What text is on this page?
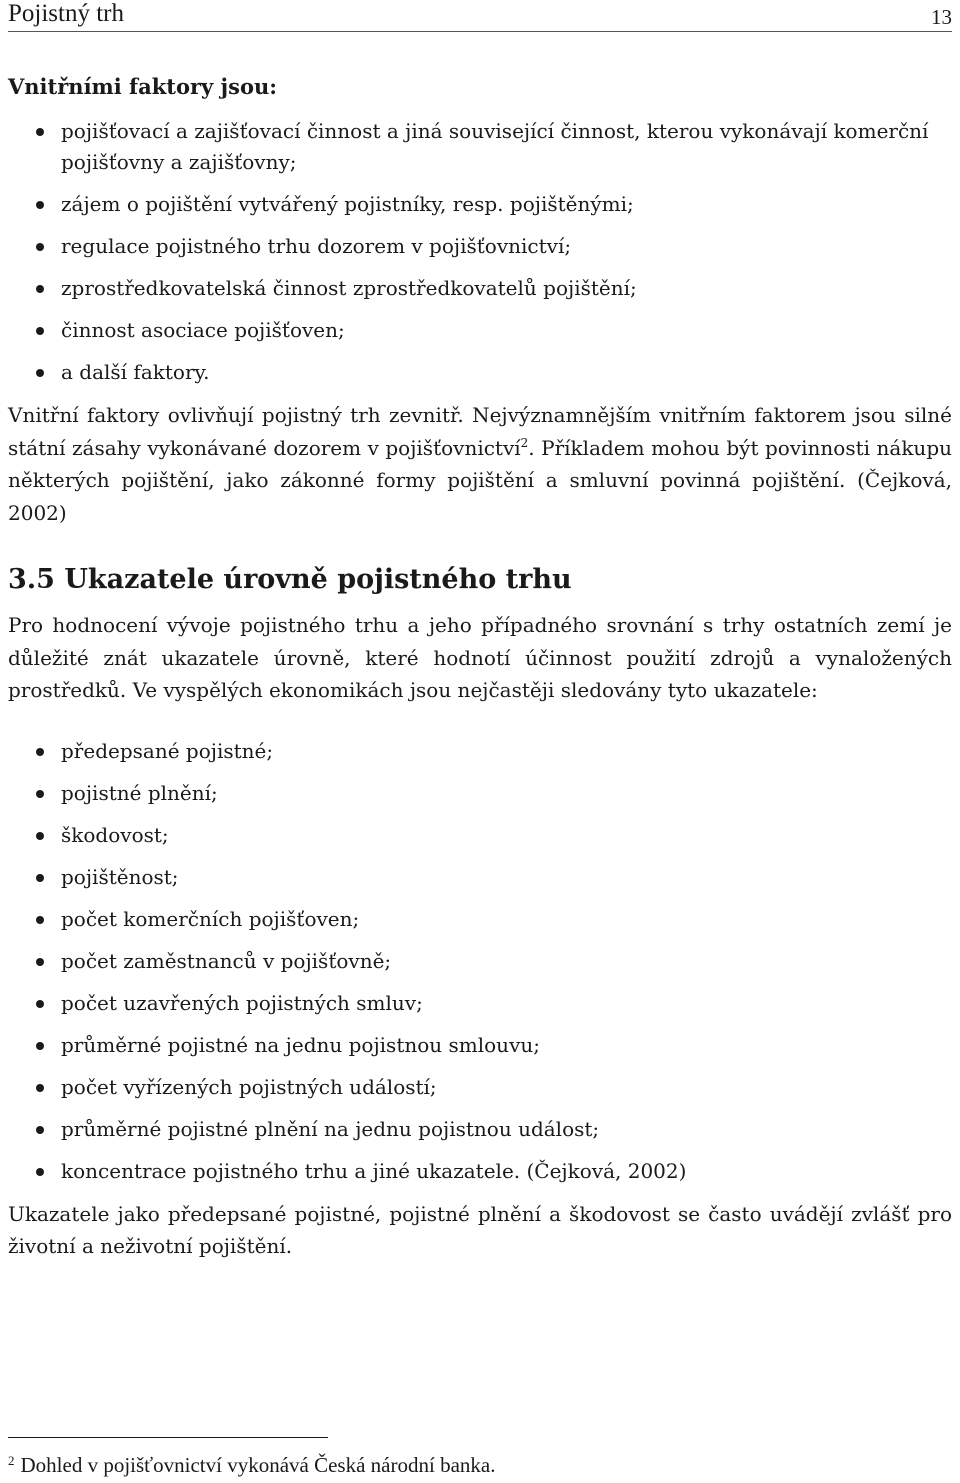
Pojistný trh	13
Vnitřními faktory jsou:
pojišťovací a zajišťovací činnost a jiná související činnost, kterou vykonávají komerční pojišťovny a zajišťovny;
zájem o pojištění vytvářený pojistníky, resp. pojištěnými;
regulace pojistného trhu dozorem v pojišťovnictví;
zprostředkovatelská činnost zprostředkovatelů pojištění;
činnost asociace pojišťoven;
a další faktory.

Vnitřní faktory ovlivňují pojistný trh zevnitř. Nejvýznamnějším vnitřním faktorem jsou silné státní zásahy vykonávané dozorem v pojišťovnictví$^2$. Příkladem mohou být povinnosti nákupu některých pojištění, jako zákonné formy pojištění a smluvní povinná pojištění. (Čejková, 2002)

3.5 Ukazatele úrovně pojistného trhu

Pro hodnocení vývoje pojistného trhu a jeho případného srovnání s trhy ostatních zemí je důležité znát ukazatele úrovně, které hodnotí účinnost použití zdrojů a vynaložených prostředků. Ve vyspělých ekonomikách jsou nejčastěji sledovány tyto ukazatele:

předepsané pojistné;
pojistné plnění;
škodovost;
pojištěnost;
počet komerčních pojišťoven;
počet zaměstnanců v pojišťovně;
počet uzavřených pojistných smluv;
průměrné pojistné na jednu pojistnou smlouvu;
počet vyřízených pojistných událostí;
průměrné pojistné plnění na jednu pojistnou událost;
koncentrace pojistného trhu a jiné ukazatele. (Čejková, 2002)

Ukazatele jako předepsané pojistné, pojistné plnění a škodovost se často uvádějí zvlášť pro životní a neživotní pojištění.

$^2$ Dohled v pojišťovnictví vykonává Česká národní banka.
